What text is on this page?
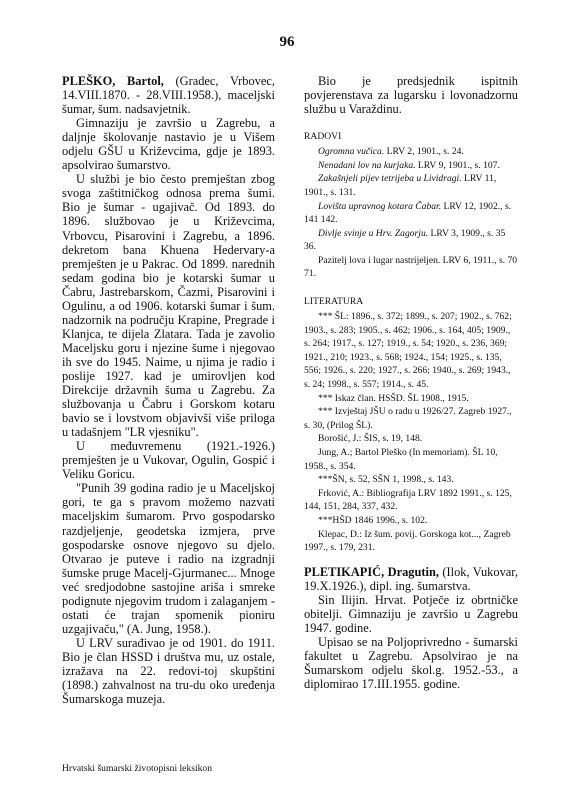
96

PLEŠKO, Bartol, (Gradec, Vrbovec, 14.VIII.1870. - 28.VIII.1958.), maceljski šumar, šum. nadsavjetnik.

Gimnaziju je završio u Zagrebu, a daljnje školovanje nastavio je u Višem odjelu GŠU u Križevcima, gdje je 1893. apsolvirao šumarstvo.

U službi je bio često premještan zbog svoga zaštitničkog odnosa prema šumi. Bio je šumar - ugajivač. Od 1893. do 1896. službovao je u Križevcima, Vrbovcu, Pisarovini i Zagrebu, a 1896. dekretom bana Khuena Hedervary-a premješten je u Pakrac. Od 1899. narednih sedam godina bio je kotarski šumar u Čabru, Jastrebarskom, Čazmi, Pisarovini i Ogulinu, a od 1906. kotarski šumar i šum. nadzornik na području Krapine, Pregrade i Klanjca, te dijela Zlatara. Tada je zavolio Maceljsku goru i njezine šume i njegovao ih sve do 1945. Naime, u njima je radio i poslije 1927. kad je umirovljen kod Direkcije državnih šuma u Zagrebu. Za službovanja u Čabru i Gorskom kotaru bavio se i lovstvom objavivši više priloga u tadašnjem "LR vjesniku".

U međuvremenu (1921.-1926.) premješten je u Vukovar, Ogulin, Gospić i Veliku Goricu.

"Punih 39 godina radio je u Maceljskoj gori, te ga s pravom možemo nazvati maceljskim šumarom. Prvo gospodarsko razdjeljenje, geodetska izmjera, prve gospodarske osnove njegovo su djelo. Otvarao je puteve i radio na izgradnji šumske pruge Macelj-Gjurmanec... Mnoge već sredjodobne sastojine ariša i smreke podignute njegovim trudom i zalaganjem - ostati će trajan spomenik pioniru uzgajivaču," (A. Jung, 1958.).

U LRV surađivao je od 1901. do 1911. Bio je član HSSD i društva mu, uz ostale, izražava na 22. redovi-toj skupštini (1898.) zahvalnost na tru-du oko uređenja Šumarskoga muzeja.

Bio je predsjednik ispitnih povjerenstava za lugarsku i lovonadzornu službu u Varaždinu.

RADOVI

Ogromna vučica. LRV 2, 1901., s. 24.

Nenadani lov na kurjaka. LRV 9, 1901., s. 107.

Zakašnjeli pijev tetrijeba u Lividragi. LRV 11, 1901., s. 131.

Lovišta upravnog kotara Čabar. LRV 12, 1902., s. 141 142.

Divlje svinje u Hrv. Zagorju. LRV 3, 1909., s. 35 36.

Pazitelj lova i lugar nastrijeljen. LRV 6, 1911., s. 70 71.

LITERATURA

*** ŠL: 1896., s. 372; 1899., s. 207; 1902., s. 762; 1903., s. 283; 1905., s. 462; 1906., s. 164, 405; 1909., s. 264; 1917., s. 127; 1919., s. 54; 1920., s. 236, 369; 1921., 210; 1923., s. 568; 1924., 154; 1925., s. 135, 556; 1926., s. 220; 1927., s. 266; 1940., s. 269; 1943., s. 24; 1998., s. 557; 1914., s. 45.

*** Iskaz član. HSŠD. ŠL 1908., 1915.

*** Izvještaj JŠU o radu u 1926/27. Zagreb 1927., s. 30, (Prilog ŠL).

Borošić, J.: ŠIS, s. 19, 148.

Jung, A.; Bartol Pleško (In memoriam). ŠL 10, 1958., s. 354.

***ŠN, s. 52, SŠN 1, 1998., s. 143.

Frković, A.: Bibliografija LRV 1892 1991., s. 125, 144, 151, 284, 337, 432.

***HŠD 1846 1996., s. 102.

Klepac, D.: Iz šum. povij. Gorskoga kot..., Zagreb 1997., s. 179, 231.

PLETIKAPIĆ, Dragutin, (Ilok, Vukovar, 19.X.1926.), dipl. ing. šumarstva.

Sin Ilijin. Hrvat. Potječe iz obrtničke obitelji. Gimnaziju je završio u Zagrebu 1947. godine.

Upisao se na Poljoprivredno - šumarski fakultet u Zagrebu. Apsolvirao je na Šumarskom odjelu škol.g. 1952.-53., a diplomirao 17.III.1955. godine.

Hrvatski šumarski životopisni leksikon
